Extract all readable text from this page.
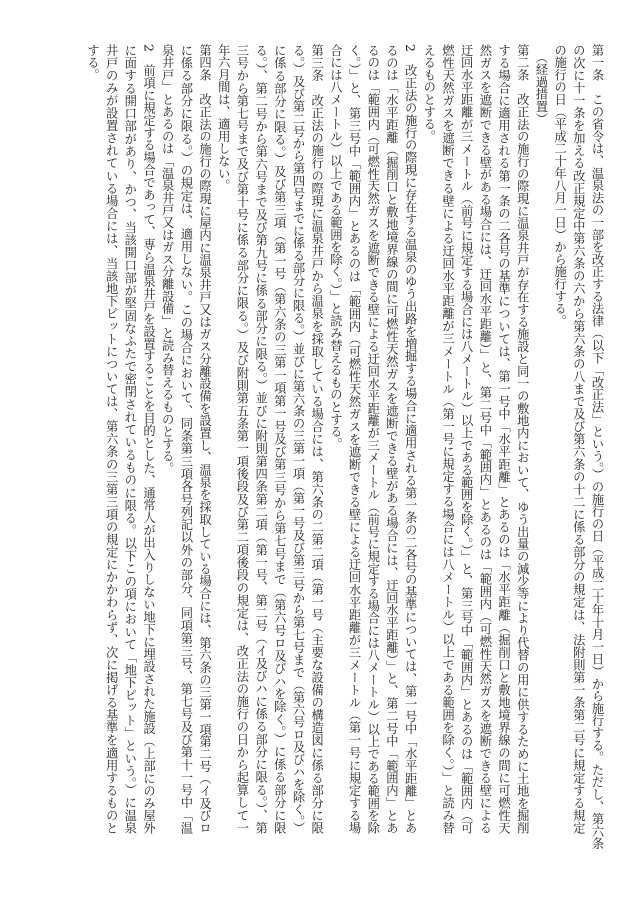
第一条　この省令は、温泉法の一部を改正する法律（以下「改正法」という。）の施行の日（平成二十年十月一日）から施行する。ただし、第六条
の次に十一条を加える改正規定中第六条の六から第六条の八まで及び第六条の十二に係る部分の規定は、法附則第一条第二号に規定する規定
の施行の日（平成二十年八月一日）から施行する。
（経過措置）
第二条　改正法の施行の際現に温泉井戸が存在する施設と同一の敷地内において、ゆう出量の減少等により代替の用に供するために土地を掘削
する場合に適用される第一条の二各号の基準については、第一号中「水平距離」とあるのは「水平距離（掘削口と敷地境界線の間に可燃性天
然ガスを遮断できる壁がある場合には、迂回水平距離）」と、第二号中「範囲内」とあるのは「範囲内（可燃性天然ガスを遮断できる壁による
迂回水平距離が三メートル（前号に規定する場合には八メートル）以上である範囲を除く。）」と、第三号中「範囲内」とあるのは「範囲内（可
燃性天然ガスを遮断できる壁による迂回水平距離が三メートル（第一号に規定する場合には八メートル）以上である範囲を除く。）」と読み替
えるものとする。
2　改正法の施行の際現に存在する温泉のゆう出路を増掘する場合に適用される第一条の二各号の基準については、第一号中「水平距離」とあ
るのは「水平距離（掘削口と敷地境界線の間に可燃性天然ガスを遮断できる壁がある場合には、迂回水平距離）」と、第二号中「範囲内」とあ
るのは「範囲内（可燃性天然ガスを遮断できる壁による迂回水平距離が三メートル（前号に規定する場合には八メートル）以上である範囲を除
く。）」と、第三号中「範囲内」とあるのは「範囲内（可燃性天然ガスを遮断できる壁による迂回水平距離が三メートル（第一号に規定する場
合には八メートル）以上である範囲を除く。）」と読み替えるものとする。
第三条　改正法の施行の際現に温泉井戸から温泉を採取している場合には、第六条の二第二項（第一号（主要な設備の構造図に係る部分に限
る。）及び第二号から第四号までに係る部分に限る。）並びに第六条の三第一項（第一号及び第三号から第七号まで（第六号ロ及びハを除く。）
に係る部分に限る。）及び第三項（第一号（第六条の三第一項第一号及び第三号から第七号まで（第六号ロ及びハを除く。）に係る部分に限
る。）、第二号から第六号まで及び第九号に係る部分に限る。）並びに附則第四条第二項（第一号、第二号（イ及びハに係る部分に限る。）、第
三号から第七号まで及び第十号に係る部分に限る。）及び附則第五条第一項後段及び第二項後段の規定は、改正法の施行の日から起算して一
年六月間は、適用しない。
第四条　改正法の施行の際現に屋内に温泉井戸又はガス分離設備を設置し、温泉を採取している場合には、第六条の三第一項第二号（イ及びロ
に係る部分に限る。）の規定は、適用しない。この場合において、同条第三項各号列記以外の部分、同項第三号、第七号及び第十一号中「温
泉井戸」とあるのは「温泉井戸又はガス分離設備」と読み替えるものとする。
2　前項に規定する場合であって、専ら温泉井戸を設置することを目的とした、通常人が出入りしない地下に埋設された施設（上部にのみ屋外
に面する開口部があり、かつ、当該開口部が堅固なふたで密閉されているものに限る。以下この項において「地下ピット」という。）に温泉
井戸のみが設置されている場合には、当該地下ピットについては、第六条の三第三項の規定にかかわらず、次に掲げる基準を適用するものと
する。
